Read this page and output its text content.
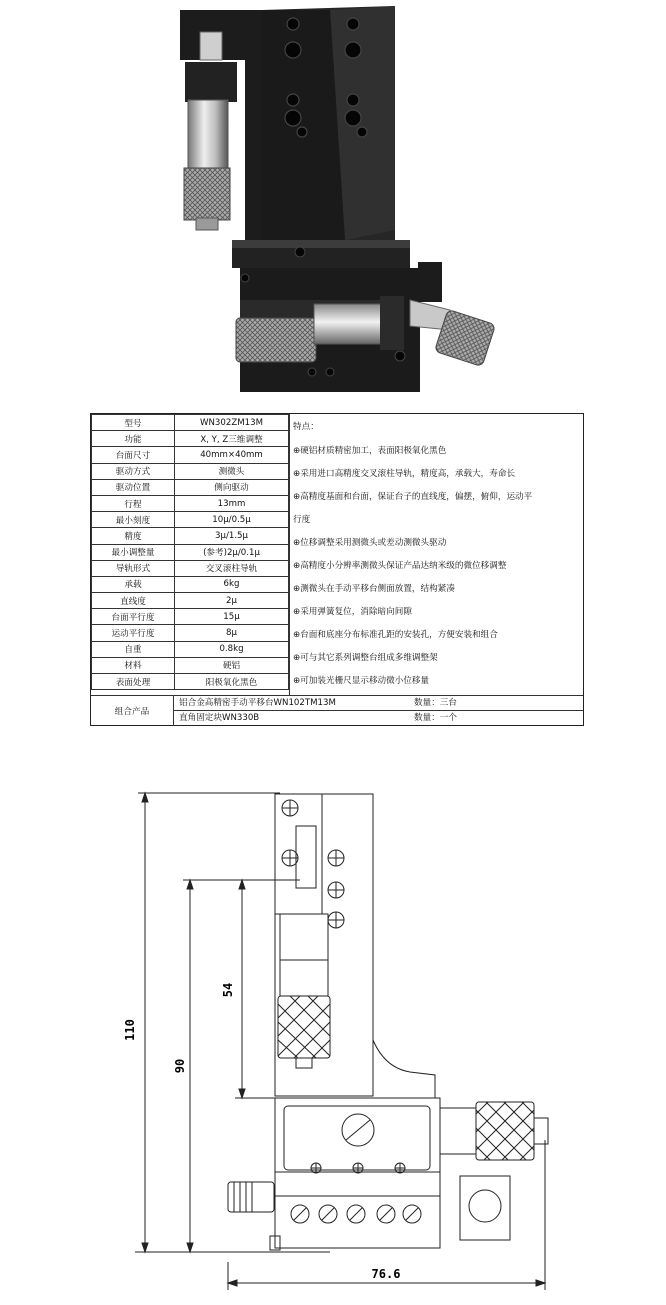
型号	WN302ZM13M
功能	X, Y, Z三维调整
台面尺寸	40mm×40mm
驱动方式	测微头
驱动位置	侧向驱动
行程	13mm
最小刻度	10μ/0.5μ
精度	3μ/1.5μ
最小调整量	(参考)2μ/0.1μ
导轨形式	交叉滚柱导轨
承载	6kg
直线度	2μ
台面平行度	15μ
运动平行度	8μ
自重	0.8kg
材料	硬铝
表面处理	阳极氧化黑色
特点：
⊕硬铝材质精密加工，表面阳极氧化黑色
⊕采用进口高精度交叉滚柱导轨，精度高，承载大，寿命长
⊕高精度基面和台面，保证台子的直线度，偏摆，俯仰，运动平
行度
⊕位移调整采用测微头或差动测微头驱动
⊕高精度小分辨率测微头保证产品达纳米级的微位移调整
⊕测微头在手动平移台侧面放置，结构紧凑
⊕采用弹簧复位，消除暗向间隙
⊕台面和底座分布标准孔距的安装孔，方便安装和组合
⊕可与其它系列调整台组成多维调整架
⊕可加装光栅尺显示移动微小位移量
组合产品
铝合金高精密手动平移台WN102TM13M	数量：三台
直角固定块WN330B	数量：一个
110
90
54
76.6
